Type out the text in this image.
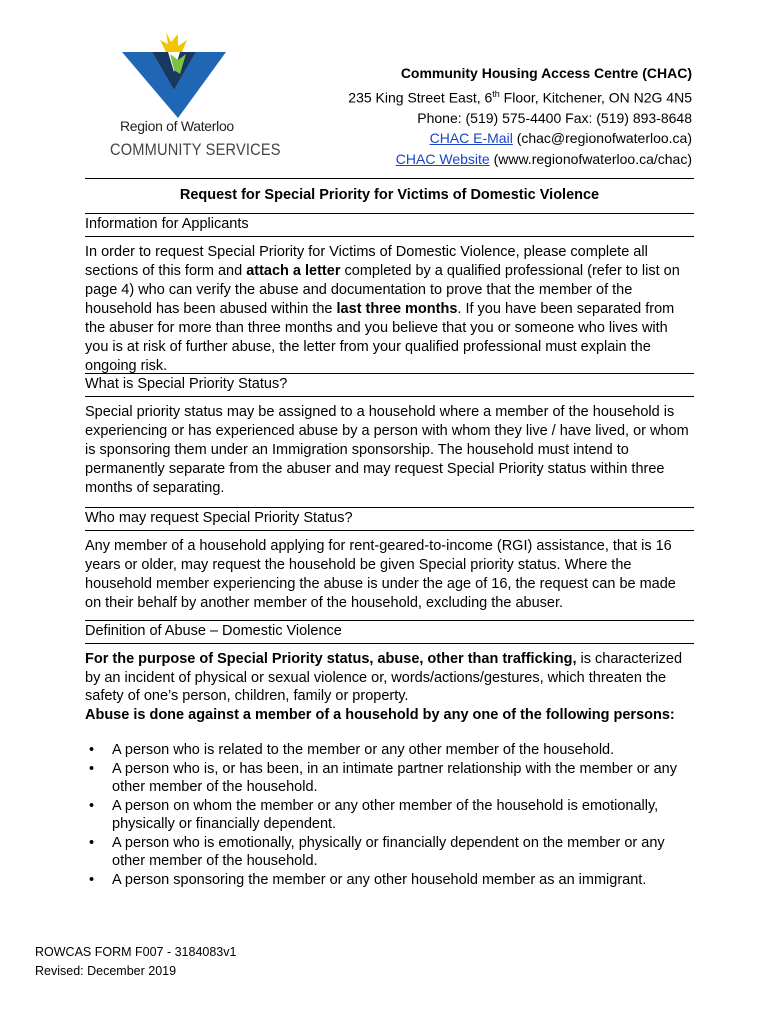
Region of Waterloo
COMMUNITY SERVICES
Community Housing Access Centre (CHAC)
235 King Street East, 6th Floor, Kitchener, ON N2G 4N5
Phone: (519) 575-4400 Fax: (519) 893-8648
CHAC E-Mail (chac@regionofwaterloo.ca)
CHAC Website (www.regionofwaterloo.ca/chac)
Request for Special Priority for Victims of Domestic Violence
Information for Applicants
In order to request Special Priority for Victims of Domestic Violence, please complete all sections of this form and attach a letter completed by a qualified professional (refer to list on page 4) who can verify the abuse and documentation to prove that the member of the household has been abused within the last three months. If you have been separated from the abuser for more than three months and you believe that you or someone who lives with you is at risk of further abuse, the letter from your qualified professional must explain the ongoing risk.
What is Special Priority Status?
Special priority status may be assigned to a household where a member of the household is experiencing or has experienced abuse by a person with whom they live / have lived, or whom is sponsoring them under an Immigration sponsorship. The household must intend to permanently separate from the abuser and may request Special Priority status within three months of separating.
Who may request Special Priority Status?
Any member of a household applying for rent-geared-to-income (RGI) assistance, that is 16 years or older, may request the household be given Special priority status. Where the household member experiencing the abuse is under the age of 16, the request can be made on their behalf by another member of the household, excluding the abuser.
Definition of Abuse – Domestic Violence
For the purpose of Special Priority status, abuse, other than trafficking, is characterized by an incident of physical or sexual violence or, words/actions/gestures, which threaten the safety of one’s person, children, family or property.
Abuse is done against a member of a household by any one of the following persons:
• A person who is related to the member or any other member of the household.
• A person who is, or has been, in an intimate partner relationship with the member or any other member of the household.
• A person on whom the member or any other member of the household is emotionally, physically or financially dependent.
• A person who is emotionally, physically or financially dependent on the member or any other member of the household.
• A person sponsoring the member or any other household member as an immigrant.
ROWCAS FORM F007 - 3184083v1
Revised: December 2019
